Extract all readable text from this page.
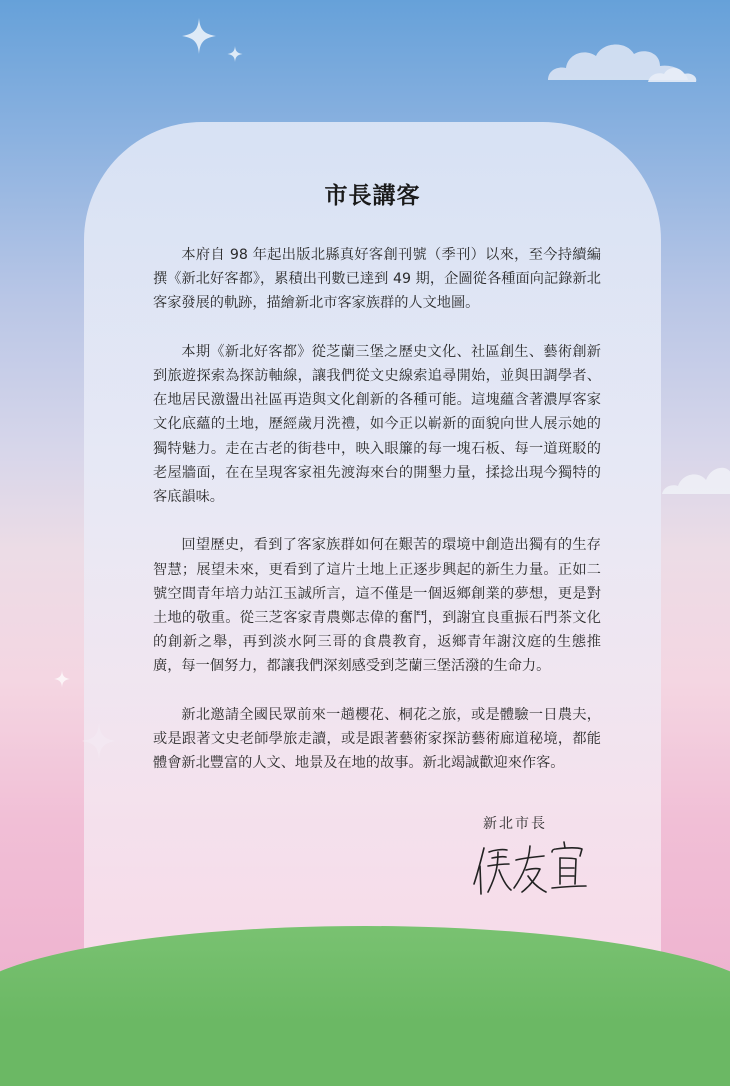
市長講客

本府自 98 年起出版北縣真好客創刊號（季刊）以來，至今持續編撰《新北好客都》，累積出刊數已達到 49 期，企圖從各種面向記錄新北客家發展的軌跡，描繪新北市客家族群的人文地圖。

本期《新北好客都》從芝蘭三堡之歷史文化、社區創生、藝術創新到旅遊探索為探訪軸線，讓我們從文史線索追尋開始，並與田調學者、在地居民激盪出社區再造與文化創新的各種可能。這塊蘊含著濃厚客家文化底蘊的土地，歷經歲月洗禮，如今正以嶄新的面貌向世人展示她的獨特魅力。走在古老的街巷中，映入眼簾的每一塊石板、每一道斑駁的老屋牆面，在在呈現客家祖先渡海來台的開墾力量，揉捻出現今獨特的客底韻味。

回望歷史，看到了客家族群如何在艱苦的環境中創造出獨有的生存智慧；展望未來，更看到了這片土地上正逐步興起的新生力量。正如二號空間青年培力站江玉誠所言，這不僅是一個返鄉創業的夢想，更是對土地的敬重。從三芝客家青農鄭志偉的奮鬥，到謝宜良重振石門茶文化的創新之舉，再到淡水阿三哥的食農教育，返鄉青年謝汶庭的生態推廣，每一個努力，都讓我們深刻感受到芝蘭三堡活潑的生命力。

新北邀請全國民眾前來一趟櫻花、桐花之旅，或是體驗一日農夫，或是跟著文史老師學旅走讀，或是跟著藝術家探訪藝術廊道秘境，都能體會新北豐富的人文、地景及在地的故事。新北竭誠歡迎來作客。

新北市長
